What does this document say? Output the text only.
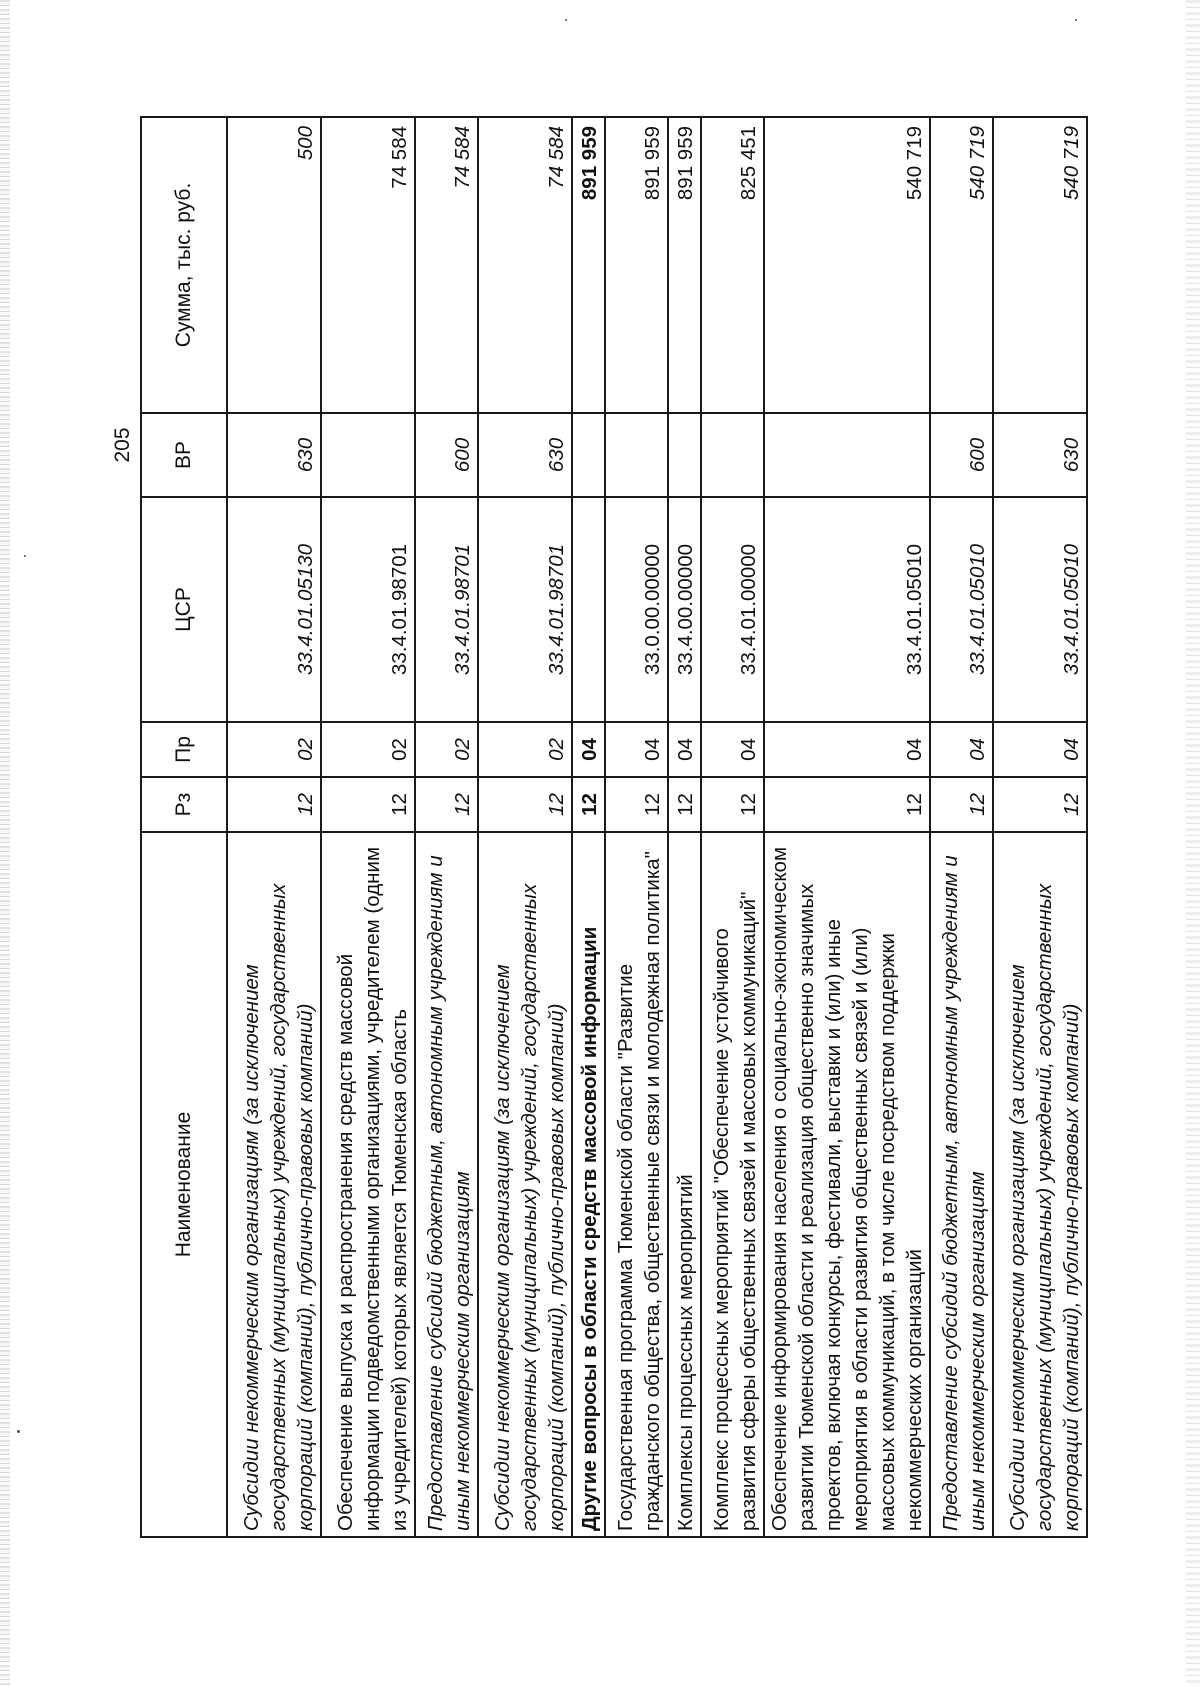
205
Наименование	Рз	Пр	ЦСР	ВР	Сумма, тыс. руб.
Субсидии некоммерческим организациям (за исключением государственных (муниципальных) учреждений, государственных корпораций (компаний), публично-правовых компаний)	12	02	33.4.01.05130	630	500
Обеспечение выпуска и распространения средств массовой информации подведомственными организациями, учредителем (одним из учредителей) которых является Тюменская область	12	02	33.4.01.98701		74 584
Предоставление субсидий бюджетным, автономным учреждениям и иным некоммерческим организациям	12	02	33.4.01.98701	600	74 584
Субсидии некоммерческим организациям (за исключением государственных (муниципальных) учреждений, государственных корпораций (компаний), публично-правовых компаний)	12	02	33.4.01.98701	630	74 584
Другие вопросы в области средств массовой информации	12	04			891 959
Государственная программа Тюменской области "Развитие гражданского общества, общественные связи и молодежная политика"	12	04	33.0.00.00000		891 959
Комплексы процессных мероприятий	12	04	33.4.00.00000		891 959
Комплекс процессных мероприятий "Обеспечение устойчивого развития сферы общественных связей и массовых коммуникаций"	12	04	33.4.01.00000		825 451
Обеспечение информирования населения о социально-экономическом развитии Тюменской области и реализация общественно значимых проектов, включая конкурсы, фестивали, выставки и (или) иные мероприятия в области развития общественных связей и (или) массовых коммуникаций, в том числе посредством поддержки некоммерческих организаций	12	04	33.4.01.05010		540 719
Предоставление субсидий бюджетным, автономным учреждениям и иным некоммерческим организациям	12	04	33.4.01.05010	600	540 719
Субсидии некоммерческим организациям (за исключением государственных (муниципальных) учреждений, государственных корпораций (компаний), публично-правовых компаний)	12	04	33.4.01.05010	630	540 719
